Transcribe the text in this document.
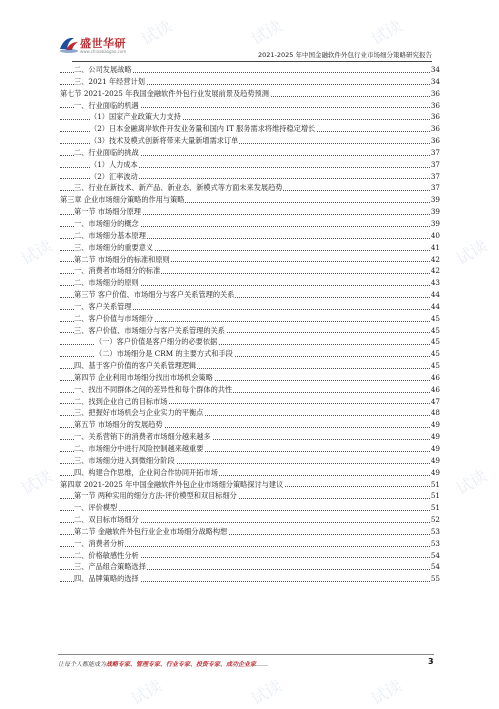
盛世华研
www.chinabaogao.com	2021-2025 年中国金融软件外包行业市场细分策略研究报告
二、公司发展战略	34
三、2021 年经营计划	34
第七节 2021-2025 年我国金融软件外包行业发展前景及趋势预测	36
一、行业面临的机遇	36
（1）国家产业政策大力支持	36
（2）日本金融离岸软件开发业务量和国内 IT 服务需求将维持稳定增长	36
（3）技术及模式创新将带来大量新增需求订单	36
二、行业面临的挑战	37
（1）人力成本	37
（2）汇率波动	37
三、行业在新技术、新产品、新业态、新模式等方面未来发展趋势	37
第三章 企业市场细分策略的作用与策略	39
第一节 市场细分原理	39
一、市场细分的概念	39
二、市场细分基本原理	40
三、市场细分的重要意义	41
第二节 市场细分的标准和原则	42
一、消费者市场细分的标准	42
二、市场细分的原则	43
第三节 客户价值、市场细分与客户关系管理的关系	44
一、客户关系管理	44
二、客户价值与市场细分	45
三、客户价值、市场细分与客户关系管理的关系	45
（一）客户价值是客户细分的必要依据	45
（二）市场细分是 CRM 的主要方式和手段	45
四、基于客户价值的客户关系管理逻辑	45
第四节 企业利用市场细分找出市场机会策略	46
一、找出不同群体之间的差异性和每个群体的共性	46
二、找到企业自己的目标市场	47
三、把握好市场机会与企业实力的平衡点	48
第五节 市场细分的发展趋势	49
一、关系营销下的消费者市场细分越来越多	49
二、市场细分中进行风险控制越来越重要	49
三、市场细分进入到微细分阶段	49
四、构建合作思维，企业间合作协同开拓市场	49
第四章 2021-2025 年中国金融软件外包企业市场细分策略探讨与建议	51
第一节 两种实用的细分方法-评价模型和双目标细分	51
一、评价模型	51
二、双目标市场细分	52
第二节 金融软件外包行业企业市场细分战略构想	53
一、消费者分析	53
二、价格敏感性分析	54
三、产品组合策略选择	54
四、品牌策略的选择	55
让每个人都能成为战略专家、管理专家、行业专家、投资专家、成功企业家……	3
试读	试读	试读
试读
试读
试读
试读
试读	试读	试读
